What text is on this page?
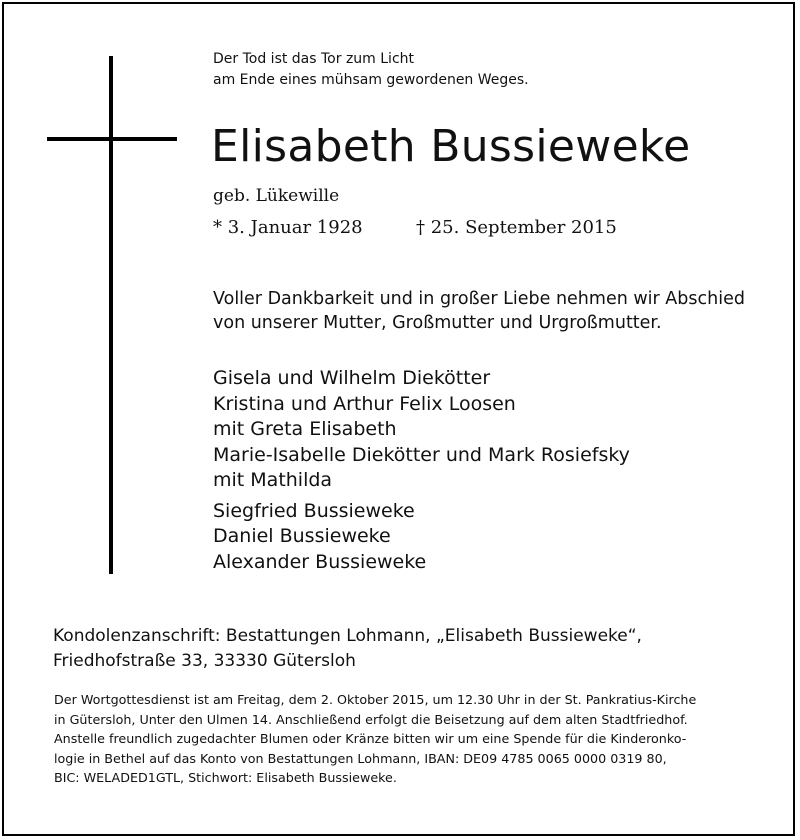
Der Tod ist das Tor zum Licht
am Ende eines mühsam gewordenen Weges.
Elisabeth Bussieweke
geb. Lükewille
* 3. Januar 1928	† 25. September 2015
Voller Dankbarkeit und in großer Liebe nehmen wir Abschied
von unserer Mutter, Großmutter und Urgroßmutter.
Gisela und Wilhelm Diekötter
Kristina und Arthur Felix Loosen
mit Greta Elisabeth
Marie-Isabelle Diekötter und Mark Rosiefsky
mit Mathilda
Siegfried Bussieweke
Daniel Bussieweke
Alexander Bussieweke
Kondolenzanschrift: Bestattungen Lohmann, „Elisabeth Bussieweke“,
Friedhofstraße 33, 33330 Gütersloh
Der Wortgottesdienst ist am Freitag, dem 2. Oktober 2015, um 12.30 Uhr in der St. Pankratius-Kirche
in Gütersloh, Unter den Ulmen 14. Anschließend erfolgt die Beisetzung auf dem alten Stadtfriedhof.
Anstelle freundlich zugedachter Blumen oder Kränze bitten wir um eine Spende für die Kinderonko-
logie in Bethel auf das Konto von Bestattungen Lohmann, IBAN: DE09 4785 0065 0000 0319 80,
BIC: WELADED1GTL, Stichwort: Elisabeth Bussieweke.
